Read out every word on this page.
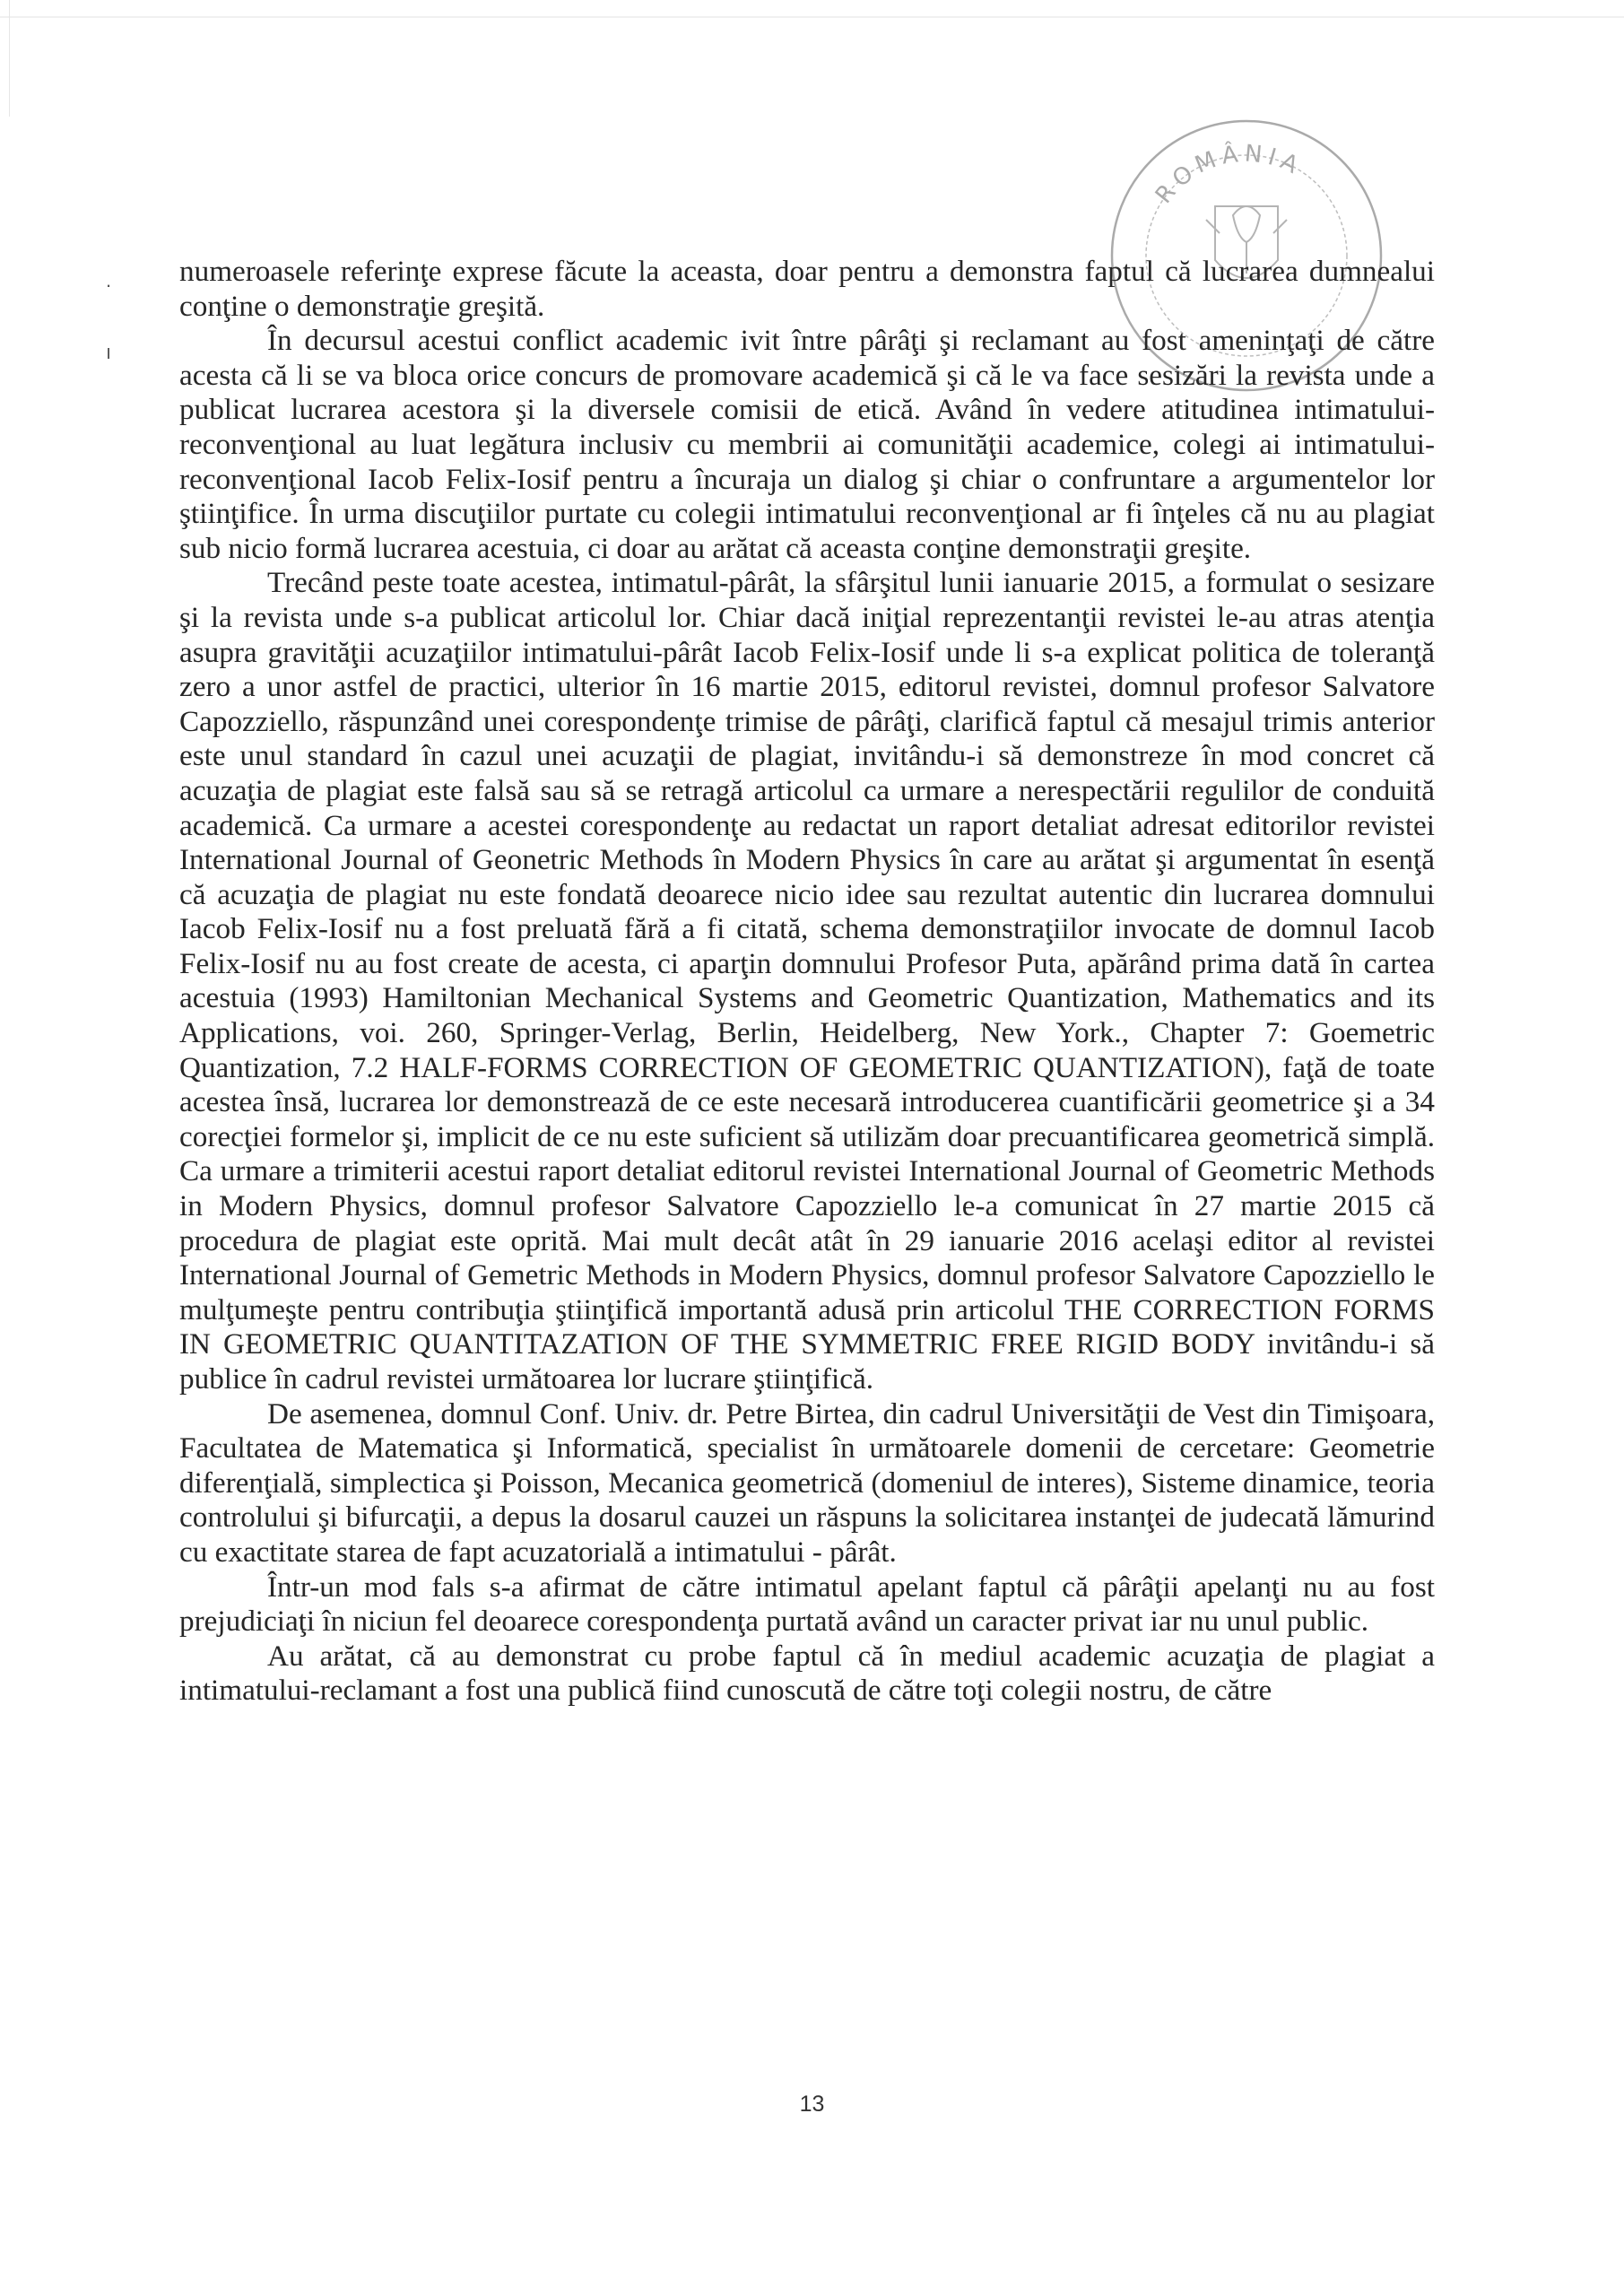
.
ı
ROMÂNIA

numeroasele referinţe exprese făcute la aceasta, doar pentru a demonstra faptul că lucrarea dumnealui conţine o demonstraţie greşită.

În decursul acestui conflict academic ivit între pârâţi şi reclamant au fost ameninţaţi de către acesta că li se va bloca orice concurs de promovare academică şi că le va face sesizări la revista unde a publicat lucrarea acestora şi la diversele comisii de etică. Având în vedere atitudinea intimatului-reconvenţional au luat legătura inclusiv cu membrii ai comunităţii academice, colegi ai intimatului-reconvenţional Iacob Felix-Iosif pentru a încuraja un dialog şi chiar o confruntare a argumentelor lor ştiinţifice. În urma discuţiilor purtate cu colegii intimatului reconvenţional ar fi înţeles că nu au plagiat sub nicio formă lucrarea acestuia, ci doar au arătat că aceasta conţine demonstraţii greşite.

Trecând peste toate acestea, intimatul-pârât, la sfârşitul lunii ianuarie 2015, a formulat o sesizare şi la revista unde s-a publicat articolul lor. Chiar dacă iniţial reprezentanţii revistei le-au atras atenţia asupra gravităţii acuzaţiilor intimatului-pârât Iacob Felix-Iosif unde li s-a explicat politica de toleranţă zero a unor astfel de practici, ulterior în 16 martie 2015, editorul revistei, domnul profesor Salvatore Capozziello, răspunzând unei corespondenţe trimise de pârâţi, clarifică faptul că mesajul trimis anterior este unul standard în cazul unei acuzaţii de plagiat, invitându-i să demonstreze în mod concret că acuzaţia de plagiat este falsă sau să se retragă articolul ca urmare a nerespectării regulilor de conduită academică. Ca urmare a acestei corespondenţe au redactat un raport detaliat adresat editorilor revistei International Journal of Geonetric Methods în Modern Physics în care au arătat şi argumentat în esenţă că acuzaţia de plagiat nu este fondată deoarece nicio idee sau rezultat autentic din lucrarea domnului Iacob Felix-Iosif nu a fost preluată fără a fi citată, schema demonstraţiilor invocate de domnul Iacob Felix-Iosif nu au fost create de acesta, ci aparţin domnului Profesor Puta, apărând prima dată în cartea acestuia (1993) Hamiltonian Mechanical Systems and Geometric Quantization, Mathematics and its Applications, voi. 260, Springer-Verlag, Berlin, Heidelberg, New York., Chapter 7: Goemetric Quantization, 7.2 HALF-FORMS CORRECTION OF GEOMETRIC QUANTIZATION), faţă de toate acestea însă, lucrarea lor demonstrează de ce este necesară introducerea cuantificării geometrice şi a 34 corecţiei formelor şi, implicit de ce nu este suficient să utilizăm doar precuantificarea geometrică simplă. Ca urmare a trimiterii acestui raport detaliat editorul revistei International Journal of Geometric Methods in Modern Physics, domnul profesor Salvatore Capozziello le-a comunicat în 27 martie 2015 că procedura de plagiat este oprită. Mai mult decât atât în 29 ianuarie 2016 acelaşi editor al revistei International Journal of Gemetric Methods in Modern Physics, domnul profesor Salvatore Capozziello le mulţumeşte pentru contribuţia ştiinţifică importantă adusă prin articolul THE CORRECTION FORMS IN GEOMETRIC QUANTITAZATION OF THE SYMMETRIC FREE RIGID BODY invitându-i să publice în cadrul revistei următoarea lor lucrare ştiinţifică.

De asemenea, domnul Conf. Univ. dr. Petre Birtea, din cadrul Universităţii de Vest din Timişoara, Facultatea de Matematica şi Informatică, specialist în următoarele domenii de cercetare: Geometrie diferenţială, simplectica şi Poisson, Mecanica geometrică (domeniul de interes), Sisteme dinamice, teoria controlului şi bifurcaţii, a depus la dosarul cauzei un răspuns la solicitarea instanţei de judecată lămurind cu exactitate starea de fapt acuzatorială a intimatului - pârât.

Într-un mod fals s-a afirmat de către intimatul apelant faptul că pârâţii apelanţi nu au fost prejudiciaţi în niciun fel deoarece corespondenţa purtată având un caracter privat iar nu unul public.

Au arătat, că au demonstrat cu probe faptul că în mediul academic acuzaţia de plagiat a intimatului-reclamant a fost una publică fiind cunoscută de către toţi colegii nostru, de către

13
